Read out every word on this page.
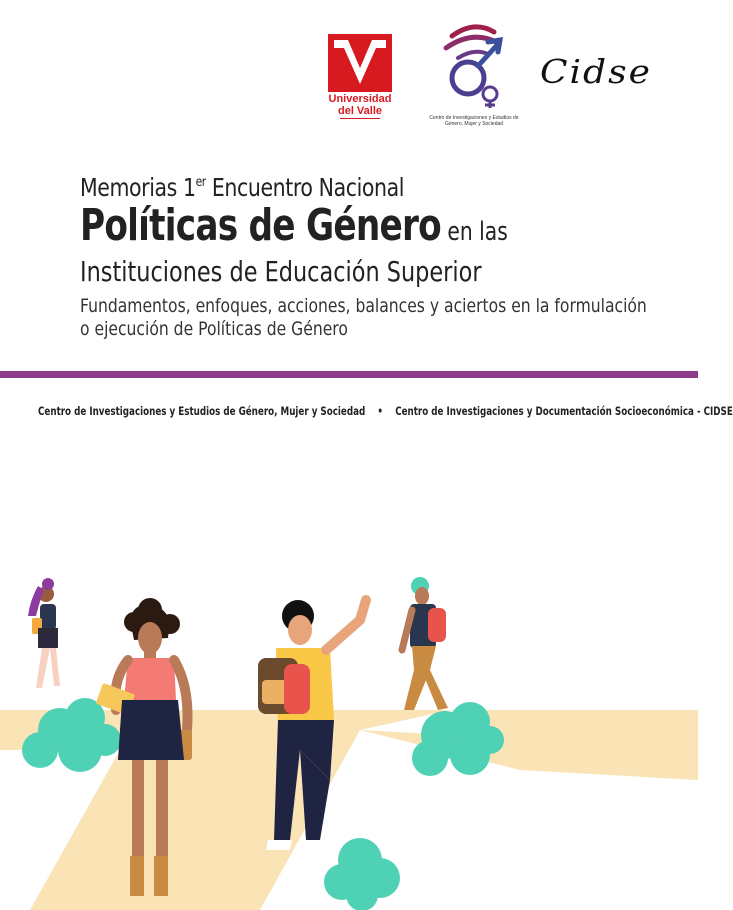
Universidad
del Valle
Centro de Investigaciones y Estudios de Género, Mujer y Sociedad
Cidse
Memorias 1er Encuentro Nacional
Políticas de Género en las
Instituciones de Educación Superior
Fundamentos, enfoques, acciones, balances y aciertos en la formulación
o ejecución de Políticas de Género
Centro de Investigaciones y Estudios de Género, Mujer y Sociedad • Centro de Investigaciones y Documentación Socioeconómica - CIDSE
